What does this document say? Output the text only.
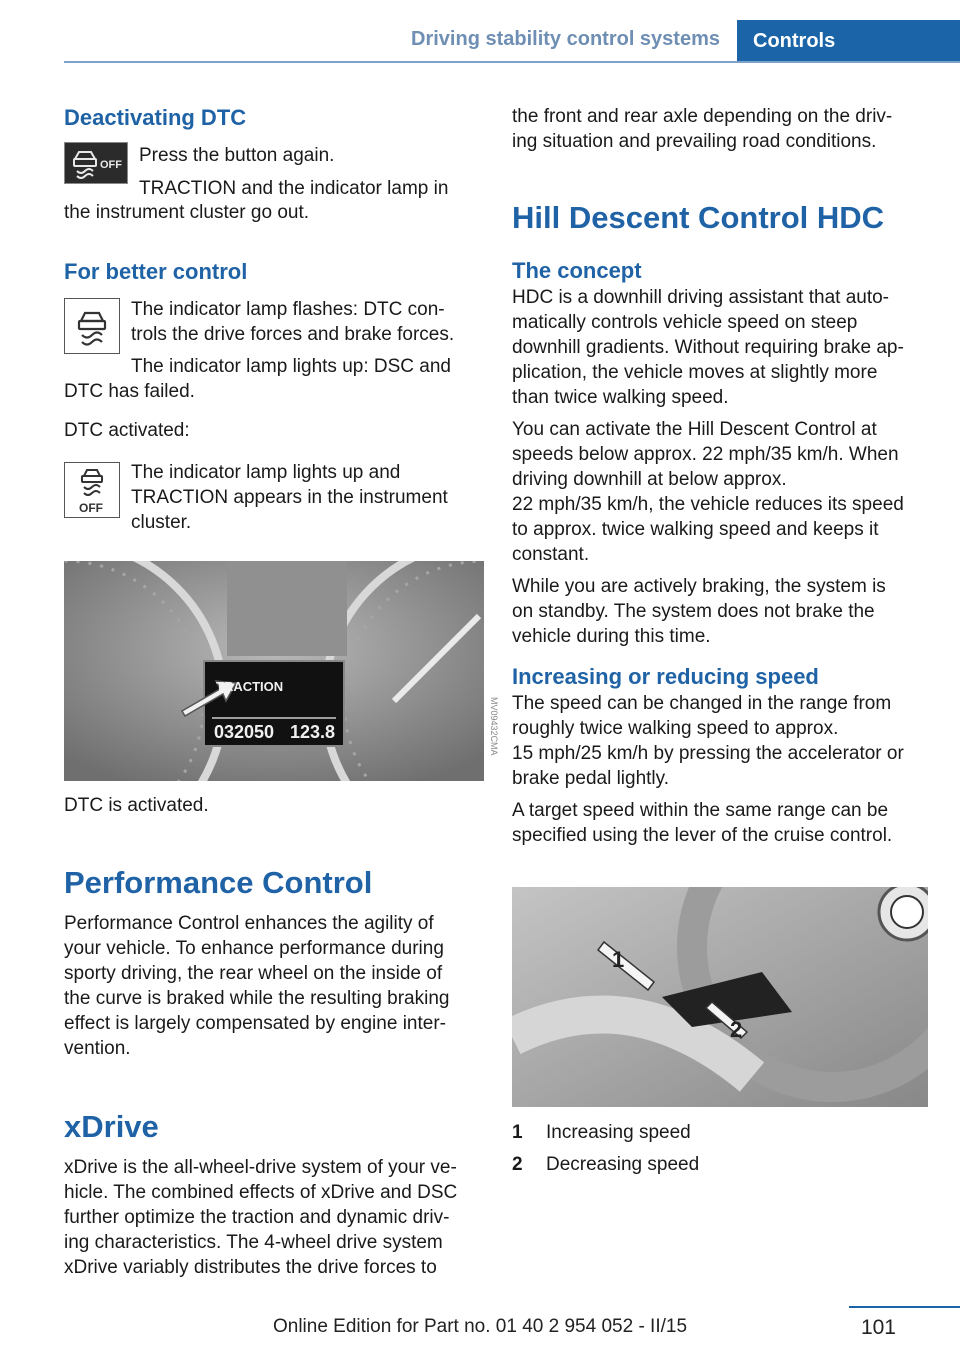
Driving stability control systems	Controls
Deactivating DTC
OFF Press the button again.

TRACTION and the indicator lamp in

the instrument cluster go out.

For better control

The indicator lamp flashes: DTC con‐

trols the drive forces and brake forces.

The indicator lamp lights up: DSC and

DTC has failed.

DTC activated:

OFF

The indicator lamp lights up and

TRACTION appears in the instrument

cluster.

TRACTION
032050 123.8	MV09432CMA

DTC is activated.

Performance Control

Performance Control enhances the agility of

your vehicle. To enhance performance during

sporty driving, the rear wheel on the inside of

the curve is braked while the resulting braking

effect is largely compensated by engine inter‐

vention.

xDrive

xDrive is the all-wheel-drive system of your ve‐

hicle. The combined effects of xDrive and DSC

further optimize the traction and dynamic driv‐

ing characteristics. The 4-wheel drive system

xDrive variably distributes the drive forces to

the front and rear axle depending on the driv‐

ing situation and prevailing road conditions.

Hill Descent Control HDC
The concept

HDC is a downhill driving assistant that auto‐

matically controls vehicle speed on steep

downhill gradients. Without requiring brake ap‐

plication, the vehicle moves at slightly more

than twice walking speed.

You can activate the Hill Descent Control at

speeds below approx. 22 mph/35 km/h. When

driving downhill at below approx.

22 mph/35 km/h, the vehicle reduces its speed

to approx. twice walking speed and keeps it

constant.

While you are actively braking, the system is

on standby. The system does not brake the

vehicle during this time.

Increasing or reducing speed

The speed can be changed in the range from

roughly twice walking speed to approx.

15 mph/25 km/h by pressing the accelerator or

brake pedal lightly.

A target speed within the same range can be

specified using the lever of the cruise control.

1
2
1	Increasing speed
2	Decreasing speed
101
Online Edition for Part no. 01 40 2 954 052 - II/15
